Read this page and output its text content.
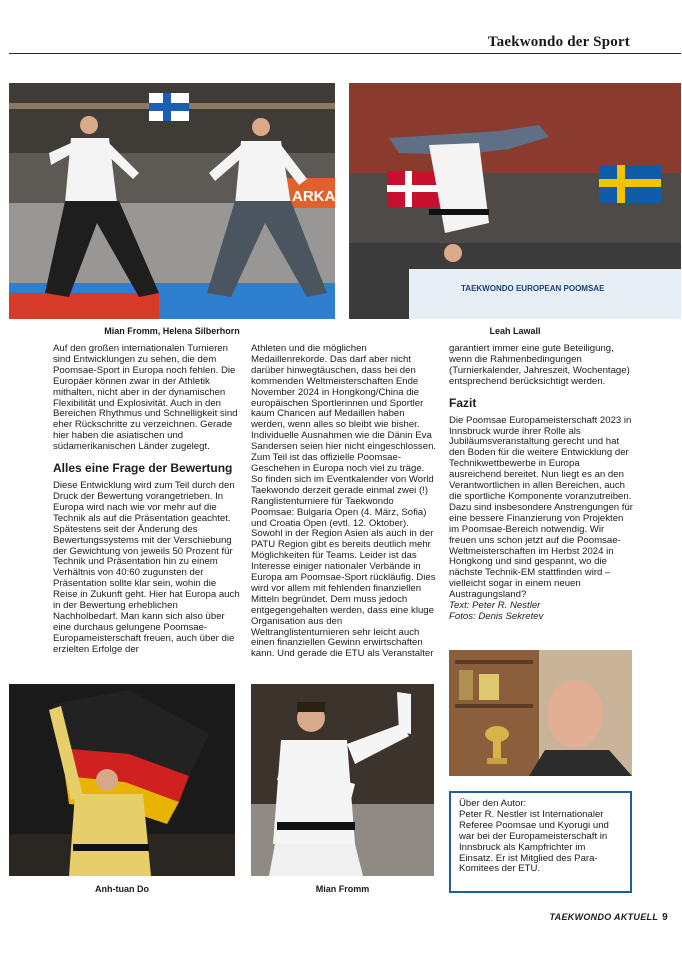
Taekwondo der Sport
ARKA
Mian Fromm, Helena Silberhorn
TAEKWONDO EUROPEAN POOMSAE
Leah Lawall

Auf den großen internationalen Turnieren sind Entwicklungen zu sehen, die dem Poomsae-Sport in Europa noch fehlen. Die Europäer können zwar in der Athletik mithalten, nicht aber in der dynamischen Flexibilität und Explosivität. Auch in den Bereichen Rhythmus und Schnelligkeit sind eher Rückschritte zu verzeichnen. Gerade hier haben die asiatischen und südamerikanischen Länder zugelegt.

Alles eine Frage der Bewertung

Diese Entwicklung wird zum Teil durch den Druck der Bewertung vorangetrieben. In Europa wird nach wie vor mehr auf die Technik als auf die Präsentation geachtet. Spätestens seit der Änderung des Bewertungssystems mit der Verschiebung der Gewichtung von jeweils 50 Prozent für Technik und Präsentation hin zu einem Verhältnis von 40:60 zugunsten der Präsentation sollte klar sein, wohin die Reise in Zukunft geht. Hier hat Europa auch in der Bewertung erheblichen Nachholbedarf. Man kann sich also über eine durchaus gelungene Poomsae-Europameisterschaft freuen, auch über die erzielten Erfolge der

Athleten und die möglichen Medaillenrekorde. Das darf aber nicht darüber hinwegtäuschen, dass bei den kommenden Weltmeisterschaften Ende November 2024 in Hongkong/China die europäischen Sportlerinnen und Sportler kaum Chancen auf Medaillen haben werden, wenn alles so bleibt wie bisher. Individuelle Ausnahmen wie die Dänin Eva Sandersen seien hier nicht eingeschlossen.

Zum Teil ist das offizielle Poomsae-Geschehen in Europa noch viel zu träge. So finden sich im Eventkalender von World Taekwondo derzeit gerade einmal zwei (!) Ranglistenturniere für Taekwondo Poomsae: Bulgaria Open (4. März, Sofia) und Croatia Open (evtl. 12. Oktober). Sowohl in der Region Asien als auch in der PATU Region gibt es bereits deutlich mehr Möglichkeiten für Teams. Leider ist das Interesse einiger nationaler Verbände in Europa am Poomsae-Sport rückläufig. Dies wird vor allem mit fehlenden finanziellen Mitteln begründet. Dem muss jedoch entgegengehalten werden, dass eine kluge Organisation aus den Weltranglistenturnieren sehr leicht auch einen finanziellen Gewinn erwirtschaften kann. Und gerade die ETU als Veranstalter

garantiert immer eine gute Beteiligung, wenn die Rahmenbedingungen (Turnierkalender, Jahreszeit, Wochentage) entsprechend berücksichtigt werden.

Fazit

Die Poomsae Europameisterschaft 2023 in Innsbruck wurde ihrer Rolle als Jubiläumsveranstaltung gerecht und hat den Boden für die weitere Entwicklung der Technikwettbewerbe in Europa ausreichend bereitet. Nun liegt es an den Verantwortlichen in allen Bereichen, auch die sportliche Komponente voranzutreiben. Dazu sind insbesondere Anstrengungen für eine bessere Finanzierung von Projekten im Poomsae-Bereich notwendig. Wir freuen uns schon jetzt auf die Poomsae-Weltmeisterschaften im Herbst 2024 in Hongkong und sind gespannt, wo die nächste Technik-EM stattfinden wird – vielleicht sogar in einem neuen Austragungsland?

Text: Peter R. Nestler

Fotos: Denis Sekretev

Anh-tuan Do	Mian Fromm
Über den Autor:
Peter R. Nestler ist Internationaler Referee Poomsae und Kyorugi und war bei der Europameisterschaft in Innsbruck als Kampfrichter im Einsatz. Er ist Mitglied des Para-Komitees der ETU.
TAEKWONDO AKTUELL 9
